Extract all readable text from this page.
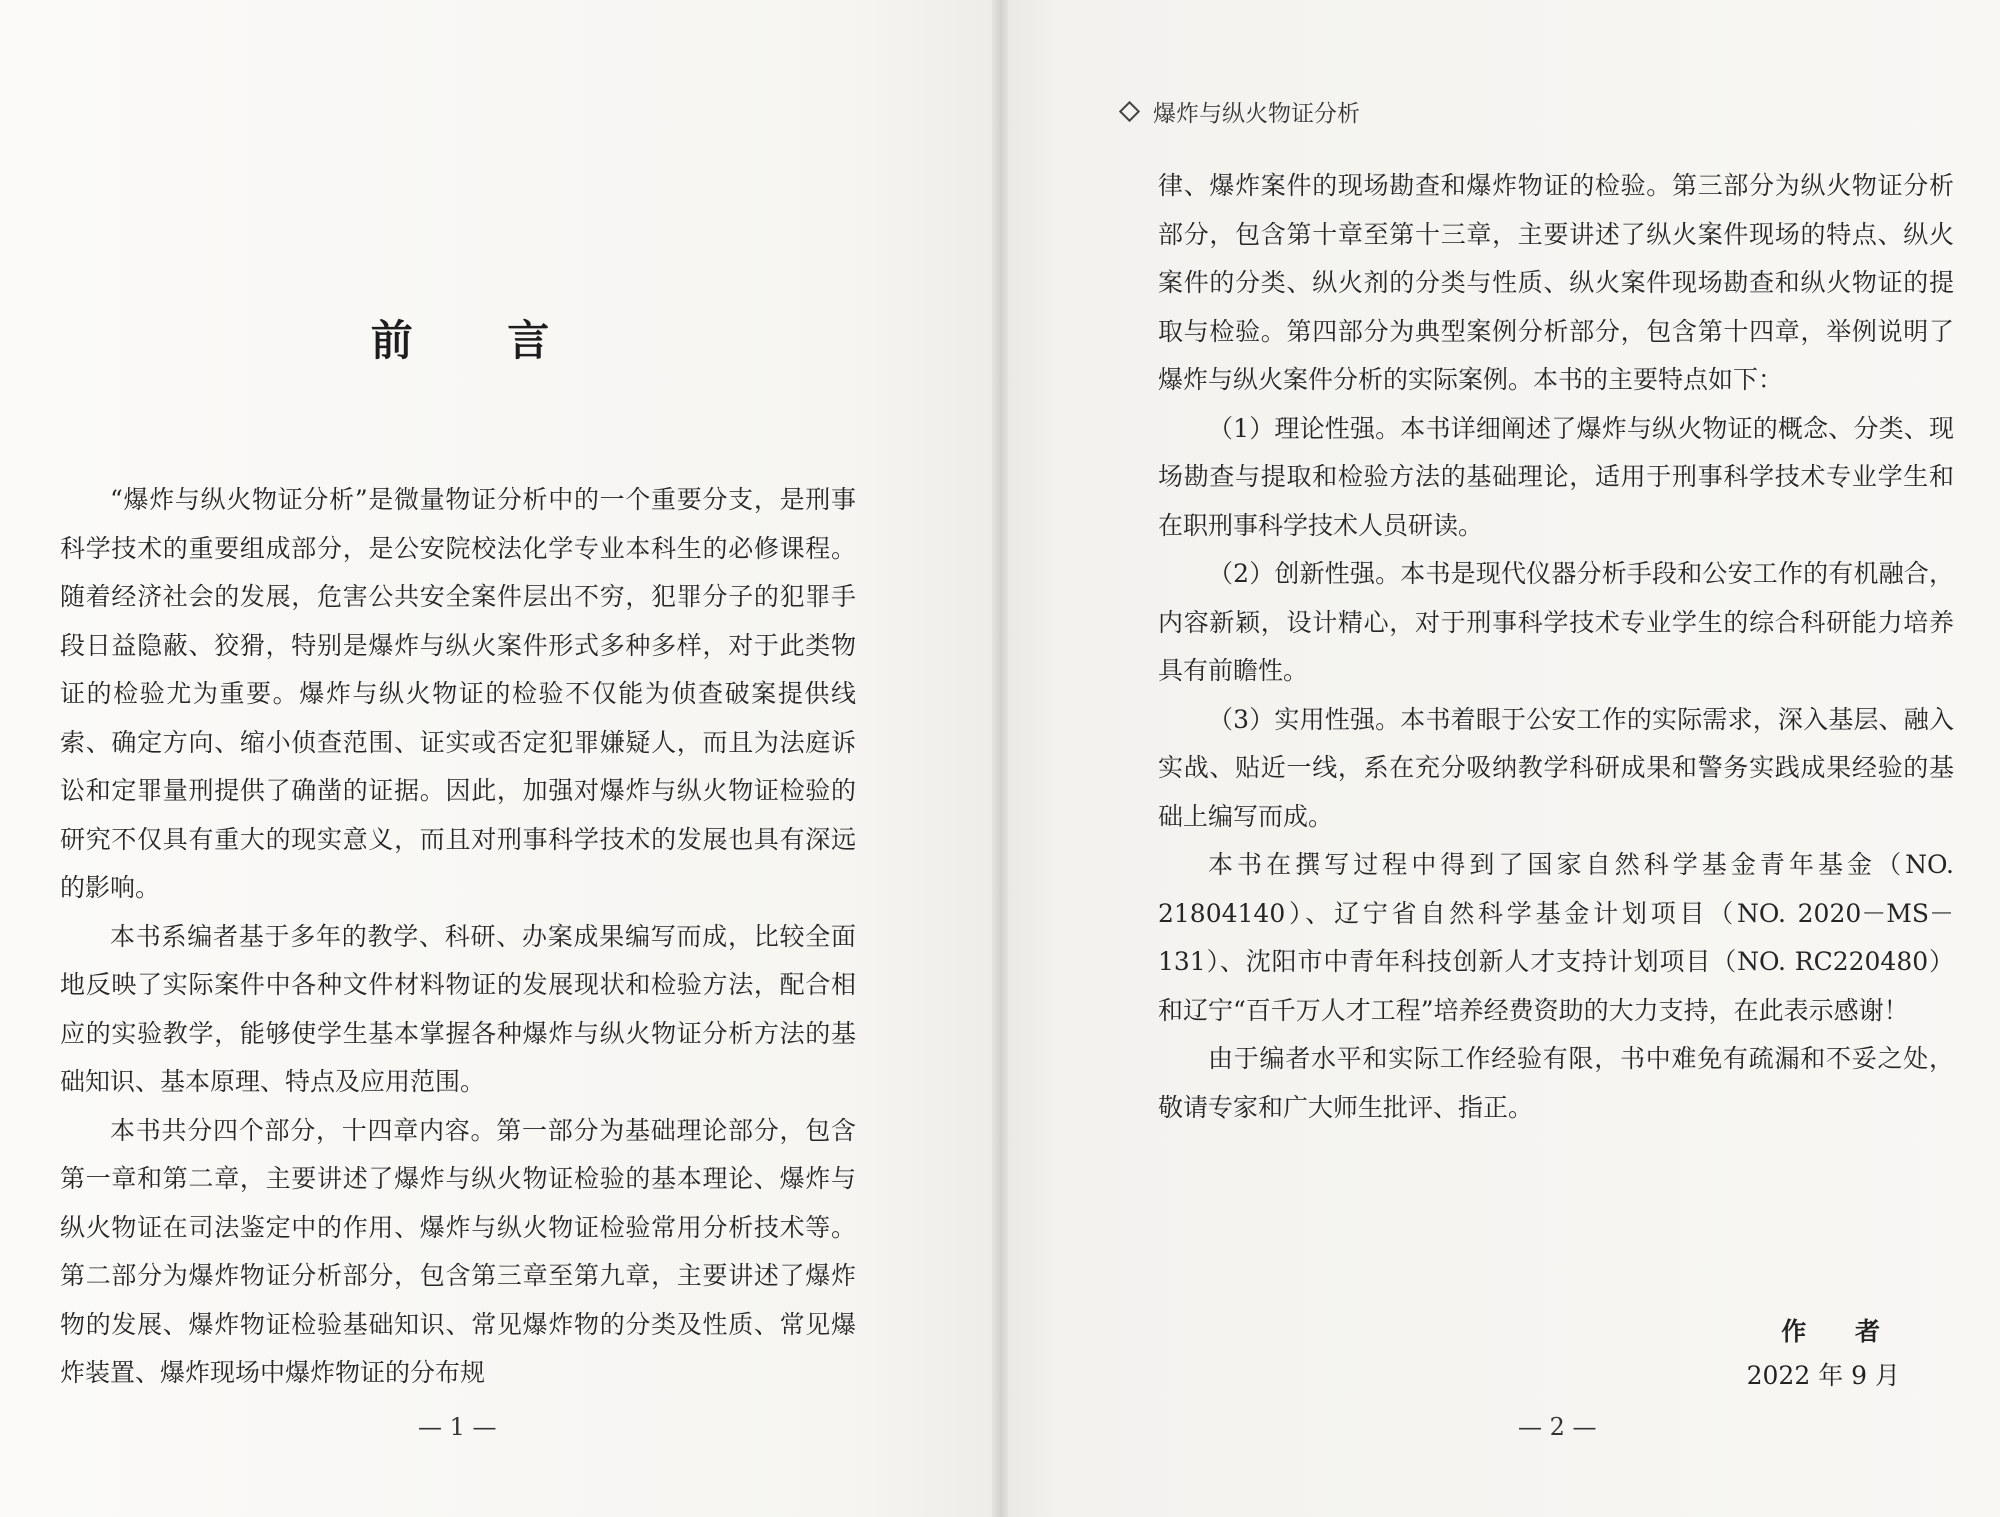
前 言

“爆炸与纵火物证分析”是微量物证分析中的一个重要分支，是刑事科学技术的重要组成部分，是公安院校法化学专业本科生的必修课程。随着经济社会的发展，危害公共安全案件层出不穷，犯罪分子的犯罪手段日益隐蔽、狡猾，特别是爆炸与纵火案件形式多种多样，对于此类物证的检验尤为重要。爆炸与纵火物证的检验不仅能为侦查破案提供线索、确定方向、缩小侦查范围、证实或否定犯罪嫌疑人，而且为法庭诉讼和定罪量刑提供了确凿的证据。因此，加强对爆炸与纵火物证检验的研究不仅具有重大的现实意义，而且对刑事科学技术的发展也具有深远的影响。

本书系编者基于多年的教学、科研、办案成果编写而成，比较全面地反映了实际案件中各种文件材料物证的发展现状和检验方法，配合相应的实验教学，能够使学生基本掌握各种爆炸与纵火物证分析方法的基础知识、基本原理、特点及应用范围。

本书共分四个部分，十四章内容。第一部分为基础理论部分，包含第一章和第二章，主要讲述了爆炸与纵火物证检验的基本理论、爆炸与纵火物证在司法鉴定中的作用、爆炸与纵火物证检验常用分析技术等。第二部分为爆炸物证分析部分，包含第三章至第九章，主要讲述了爆炸物的发展、爆炸物证检验基础知识、常见爆炸物的分类及性质、常见爆炸装置、爆炸现场中爆炸物证的分布规

— 1 —
爆炸与纵火物证分析

律、爆炸案件的现场勘查和爆炸物证的检验。第三部分为纵火物证分析部分，包含第十章至第十三章，主要讲述了纵火案件现场的特点、纵火案件的分类、纵火剂的分类与性质、纵火案件现场勘查和纵火物证的提取与检验。第四部分为典型案例分析部分，包含第十四章，举例说明了爆炸与纵火案件分析的实际案例。本书的主要特点如下：

（1）理论性强。本书详细阐述了爆炸与纵火物证的概念、分类、现场勘查与提取和检验方法的基础理论，适用于刑事科学技术专业学生和在职刑事科学技术人员研读。

（2）创新性强。本书是现代仪器分析手段和公安工作的有机融合，内容新颖，设计精心，对于刑事科学技术专业学生的综合科研能力培养具有前瞻性。

（3）实用性强。本书着眼于公安工作的实际需求，深入基层、融入实战、贴近一线，系在充分吸纳教学科研成果和警务实践成果经验的基础上编写而成。

本书在撰写过程中得到了国家自然科学基金青年基金（NO. 21804140）、辽宁省自然科学基金计划项目（NO. 2020－MS－131）、沈阳市中青年科技创新人才支持计划项目（NO. RC220480）和辽宁“百千万人才工程”培养经费资助的大力支持，在此表示感谢！

由于编者水平和实际工作经验有限，书中难免有疏漏和不妥之处，敬请专家和广大师生批评、指正。

作 者
2022 年 9 月
— 2 —
